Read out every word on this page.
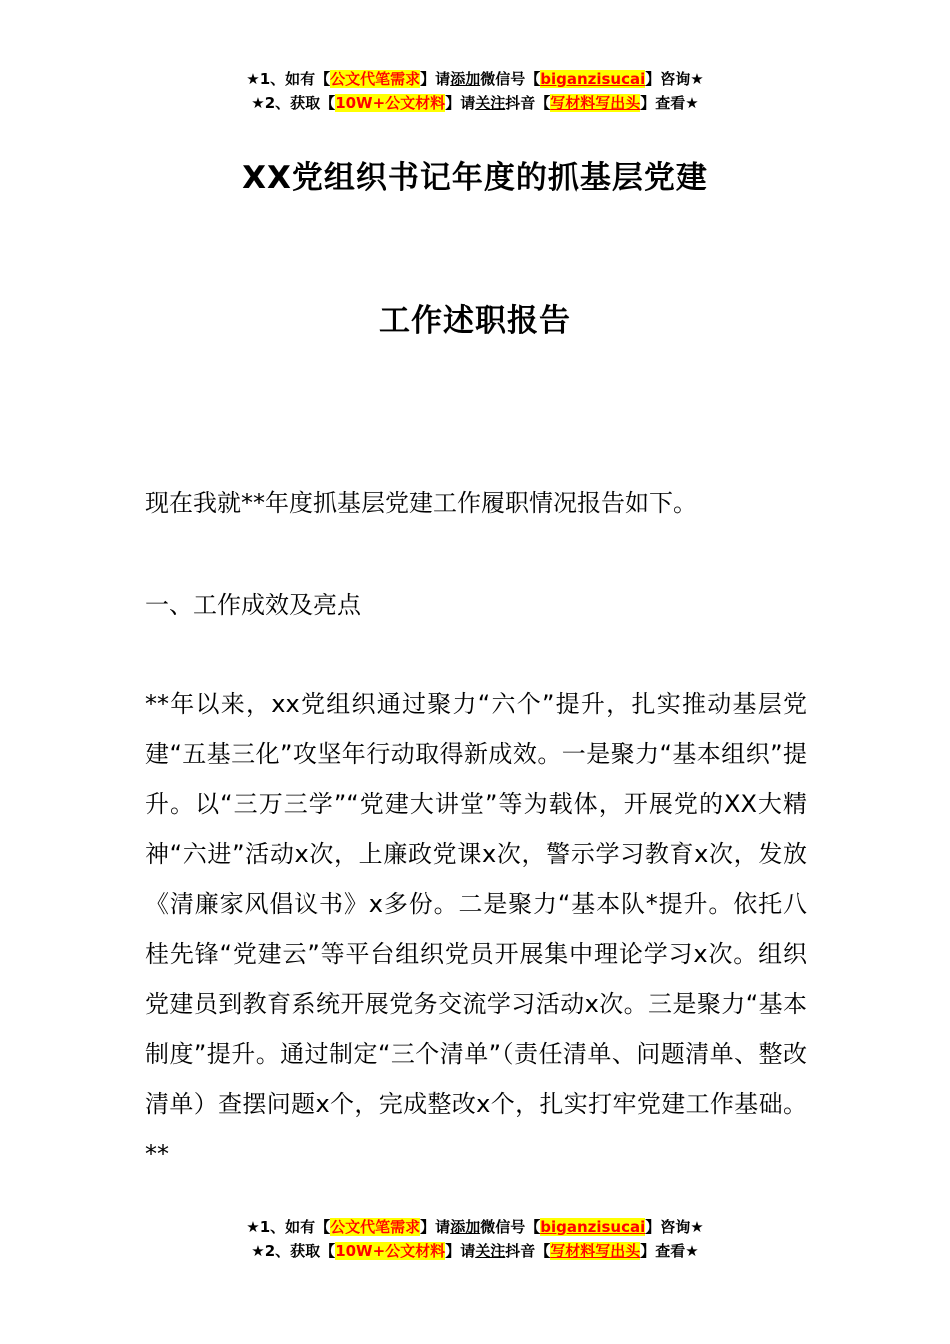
★1、如有【公文代笔需求】请添加微信号【biganzisucai】咨询★
★2、获取【10W+公文材料】请关注抖音【写材料写出头】查看★
XX党组织书记年度的抓基层党建
工作述职报告

现在我就**年度抓基层党建工作履职情况报告如下。

一、工作成效及亮点

**年以来，xx党组织通过聚力“六个”提升，扎实推动基层党建“五基三化”攻坚年行动取得新成效。一是聚力“基本组织”提升。以“三万三学”“党建大讲堂”等为载体，开展党的XX大精神“六进”活动x次，上廉政党课x次，警示学习教育x次，发放《清廉家风倡议书》x多份。二是聚力“基本队*提升。依托八桂先锋“党建云”等平台组织党员开展集中理论学习x次。组织党建员到教育系统开展党务交流学习活动x次。三是聚力“基本制度”提升。通过制定“三个清单”（责任清单、问题清单、整改清单）查摆问题x个，完成整改x个，扎实打牢党建工作基础。**

★1、如有【公文代笔需求】请添加微信号【biganzisucai】咨询★
★2、获取【10W+公文材料】请关注抖音【写材料写出头】查看★
